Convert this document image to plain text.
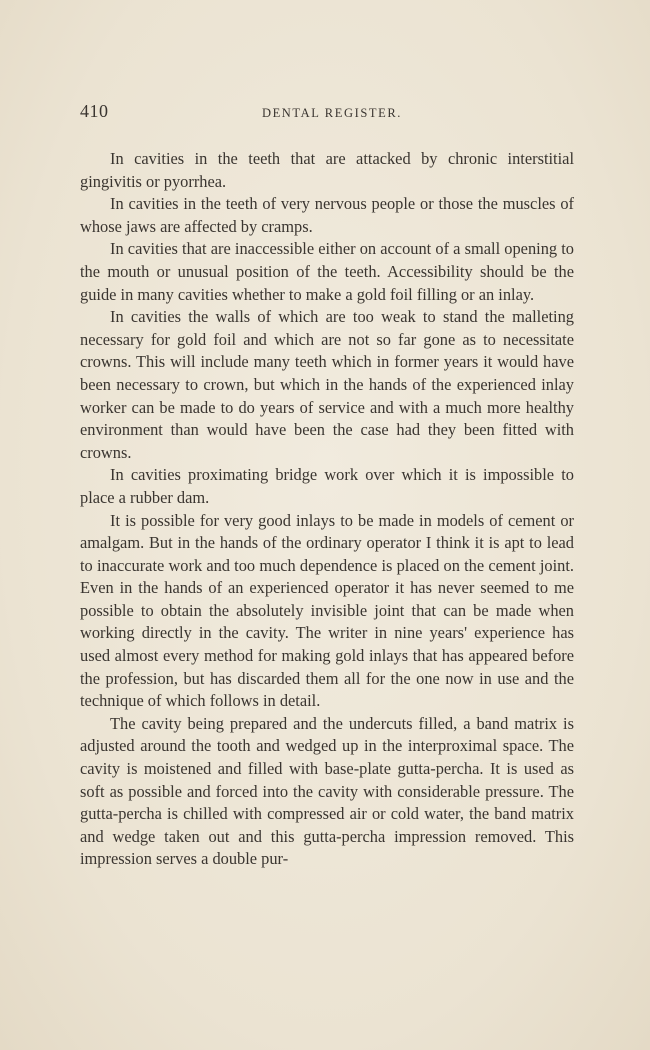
410	DENTAL REGISTER.

In cavities in the teeth that are attacked by chronic interstitial gingivitis or pyorrhea.

In cavities in the teeth of very nervous people or those the muscles of whose jaws are affected by cramps.

In cavities that are inaccessible either on account of a small opening to the mouth or unusual position of the teeth. Accessibility should be the guide in many cavities whether to make a gold foil filling or an inlay.

In cavities the walls of which are too weak to stand the malleting necessary for gold foil and which are not so far gone as to necessitate crowns. This will include many teeth which in former years it would have been necessary to crown, but which in the hands of the experienced inlay worker can be made to do years of service and with a much more healthy environment than would have been the case had they been fitted with crowns.

In cavities proximating bridge work over which it is impossible to place a rubber dam.

It is possible for very good inlays to be made in models of cement or amalgam. But in the hands of the ordinary operator I think it is apt to lead to inaccurate work and too much dependence is placed on the cement joint. Even in the hands of an experienced operator it has never seemed to me possible to obtain the absolutely invisible joint that can be made when working directly in the cavity. The writer in nine years' experience has used almost every method for making gold inlays that has appeared before the profession, but has discarded them all for the one now in use and the technique of which follows in detail.

The cavity being prepared and the undercuts filled, a band matrix is adjusted around the tooth and wedged up in the interproximal space. The cavity is moistened and filled with base-plate gutta-percha. It is used as soft as possible and forced into the cavity with considerable pressure. The gutta-percha is chilled with compressed air or cold water, the band matrix and wedge taken out and this gutta-percha impression removed. This impression serves a double pur-
